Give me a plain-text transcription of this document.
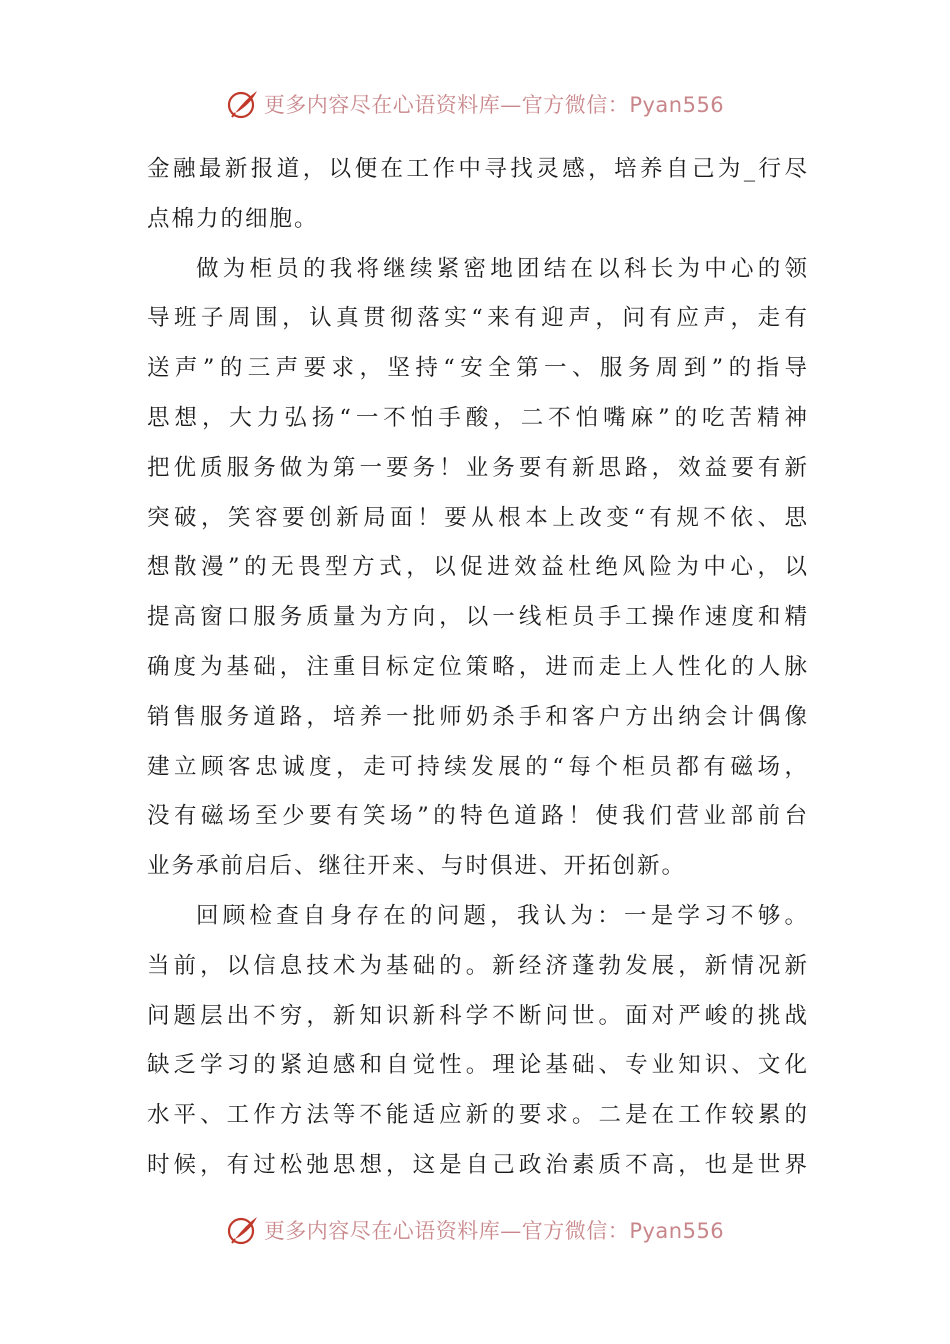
更多内容尽在心语资料库—官方微信：Pyan556
金融最新报道，以便在工作中寻找灵感，培养自己为_行尽
点棉力的细胞。
做为柜员的我将继续紧密地团结在以科长为中心的领
导班子周围，认真贯彻落实“来有迎声，问有应声，走有
送声”的三声要求，坚持“安全第一、服务周到”的指导
思想，大力弘扬“一不怕手酸，二不怕嘴麻”的吃苦精神
把优质服务做为第一要务！业务要有新思路，效益要有新
突破，笑容要创新局面！要从根本上改变“有规不依、思
想散漫”的无畏型方式，以促进效益杜绝风险为中心，以
提高窗口服务质量为方向，以一线柜员手工操作速度和精
确度为基础，注重目标定位策略，进而走上人性化的人脉
销售服务道路，培养一批师奶杀手和客户方出纳会计偶像
建立顾客忠诚度，走可持续发展的“每个柜员都有磁场，
没有磁场至少要有笑场”的特色道路！使我们营业部前台
业务承前启后、继往开来、与时俱进、开拓创新。
回顾检查自身存在的问题，我认为：一是学习不够。
当前，以信息技术为基础的。新经济蓬勃发展，新情况新
问题层出不穷，新知识新科学不断问世。面对严峻的挑战
缺乏学习的紧迫感和自觉性。理论基础、专业知识、文化
水平、工作方法等不能适应新的要求。二是在工作较累的
时候，有过松弛思想，这是自己政治素质不高，也是世界
更多内容尽在心语资料库—官方微信：Pyan556
